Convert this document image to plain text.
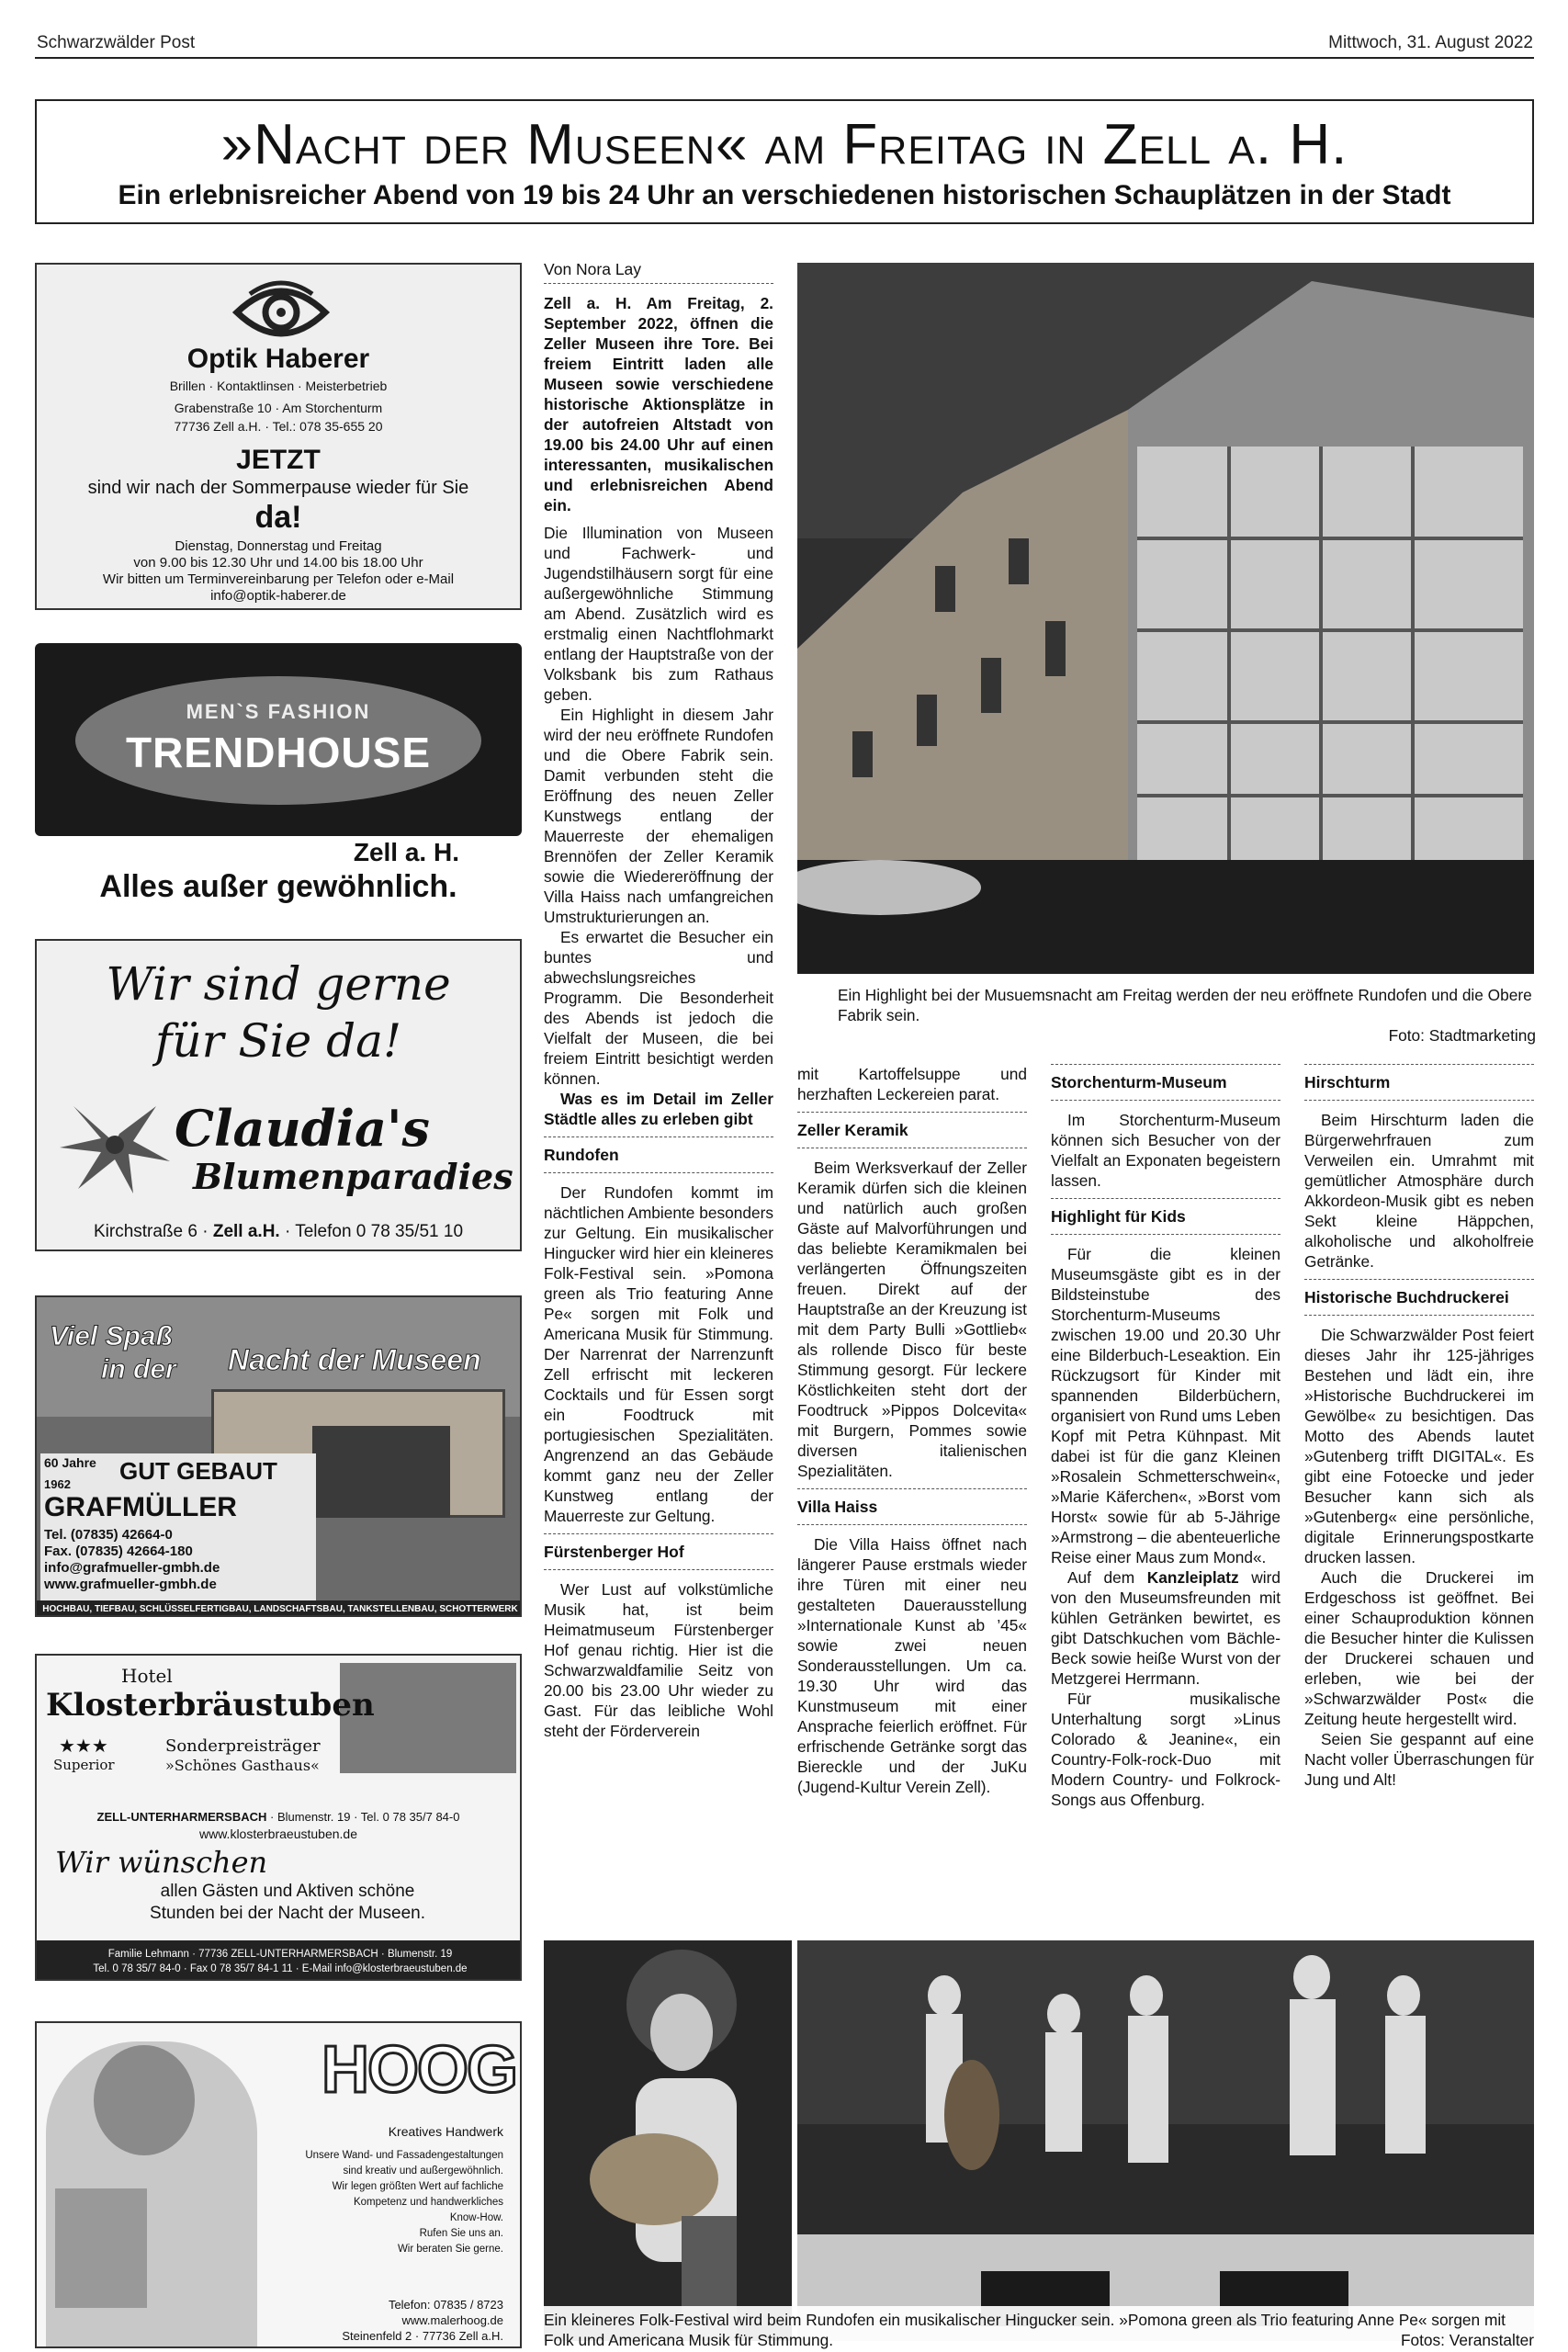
Schwarzwälder Post	Mittwoch, 31. August 2022
»Nacht der Museen« am Freitag in Zell a. H.
Ein erlebnisreicher Abend von 19 bis 24 Uhr an verschiedenen historischen Schauplätzen in der Stadt
Optik Haberer
Brillen · Kontaktlinsen · Meisterbetrieb
Grabenstraße 10 · Am Storchenturm
77736 Zell a.H. · Tel.: 078 35-655 20
JETZT
sind wir nach der Sommerpause wieder für Sie
da!
Dienstag, Donnerstag und Freitag
von 9.00 bis 12.30 Uhr und 14.00 bis 18.00 Uhr
Wir bitten um Terminvereinbarung per Telefon oder e-Mail
info@optik-haberer.de
MEN`S FASHION
TRENDHOUSE
Zell a. H.
Alles außer gewöhnlich.
Wir sind gerne
für Sie da!
Claudia's
Blumenparadies
Kirchstraße 6 · Zell a.H. · Telefon 0 78 35/51 10
Viel Spaß
in der Nacht der Museen
60 Jahre GUT GEBAUT
1962
GRAFMÜLLER
Tel. (07835) 42664-0
Fax. (07835) 42664-180
info@grafmueller-gmbh.de
www.grafmueller-gmbh.de
HOCHBAU, TIEFBAU, SCHLÜSSELFERTIGBAU, LANDSCHAFTSBAU, TANKSTELLENBAU, SCHOTTERWERK
Hotel
Klosterbräustuben
★★★
Superior
Sonderpreisträger
»Schönes Gasthaus«
ZELL-UNTERHARMERSBACH · Blumenstr. 19 · Tel. 0 78 35/7 84-0
www.klosterbraeustuben.de
Wir wünschen
allen Gästen und Aktiven schöne
Stunden bei der Nacht der Museen.
Familie Lehmann · 77736 ZELL-UNTERHARMERSBACH · Blumenstr. 19
Tel. 0 78 35/7 84-0 · Fax 0 78 35/7 84-1 11 · E-Mail info@klosterbraeustuben.de
HOOG
Kreatives Handwerk
Unsere Wand- und Fassadengestaltungen
sind kreativ und außergewöhnlich.
Wir legen größten Wert auf fachliche
Kompetenz und handwerkliches
Know-How.
Rufen Sie uns an.
Wir beraten Sie gerne.
Telefon: 07835 / 8723
www.malerhoog.de
Steinenfeld 2 · 77736 Zell a.H.
Von Nora Lay

Zell a. H. Am Freitag, 2. September 2022, öffnen die Zeller Museen ihre Tore. Bei freiem Eintritt laden alle Museen sowie verschiedene historische Aktionsplätze in der autofreien Altstadt von 19.00 bis 24.00 Uhr auf einen interessanten, musikalischen und erlebnisreichen Abend ein.

Die Illumination von Museen und Fachwerk- und Jugendstilhäusern sorgt für eine außergewöhnliche Stimmung am Abend. Zusätzlich wird es erstmalig einen Nachtflohmarkt entlang der Hauptstraße von der Volksbank bis zum Rathaus geben.

Ein Highlight in diesem Jahr wird der neu eröffnete Rundofen und die Obere Fabrik sein. Damit verbunden steht die Eröffnung des neuen Zeller Kunstwegs entlang der Mauerreste der ehemaligen Brennöfen der Zeller Keramik sowie die Wiedereröffnung der Villa Haiss nach umfangreichen Umstrukturierungen an.

Es erwartet die Besucher ein buntes und abwechslungsreiches Programm. Die Besonderheit des Abends ist jedoch die Vielfalt der Museen, die bei freiem Eintritt besichtigt werden können.

Was es im Detail im Zeller Städtle alles zu erleben gibt

Rundofen

Der Rundofen kommt im nächtlichen Ambiente besonders zur Geltung. Ein musikalischer Hingucker wird hier ein kleineres Folk-Festival sein. »Pomona green als Trio featuring Anne Pe« sorgen mit Folk und Americana Musik für Stimmung. Der Narrenrat der Narrenzunft Zell erfrischt mit leckeren Cocktails und für Essen sorgt ein Foodtruck mit portugiesischen Spezialitäten. Angrenzend an das Gebäude kommt ganz neu der Zeller Kunstweg entlang der Mauerreste zur Geltung.

Fürstenberger Hof

Wer Lust auf volkstümliche Musik hat, ist beim Heimatmuseum Fürstenberger Hof genau richtig. Hier ist die Schwarzwaldfamilie Seitz von 20.00 bis 23.00 Uhr wieder zu Gast. Für das leibliche Wohl steht der Förderverein

Ein Highlight bei der Musuemsnacht am Freitag werden der neu eröffnete Rundofen und die Obere Fabrik sein.
Foto: Stadtmarketing

mit Kartoffelsuppe und herzhaften Leckereien parat.

Zeller Keramik

Beim Werksverkauf der Zeller Keramik dürfen sich die kleinen und natürlich auch großen Gäste auf Malvorführungen und das beliebte Keramikmalen bei verlängerten Öffnungszeiten freuen. Direkt auf der Hauptstraße an der Kreuzung ist mit dem Party Bulli »Gottlieb« als rollende Disco für beste Stimmung gesorgt. Für leckere Köstlichkeiten steht dort der Foodtruck »Pippos Dolcevita« mit Burgern, Pommes sowie diversen italienischen Spezialitäten.

Villa Haiss

Die Villa Haiss öffnet nach längerer Pause erstmals wieder ihre Türen mit einer neu gestalteten Dauerausstellung »Internationale Kunst ab ’45« sowie zwei neuen Sonderausstellungen. Um ca. 19.30 Uhr wird das Kunstmuseum mit einer Ansprache feierlich eröffnet. Für erfrischende Getränke sorgt das Biereckle und der JuKu (Jugend-Kultur Verein Zell).

Storchenturm-Museum

Im Storchenturm-Museum können sich Besucher von der Vielfalt an Exponaten begeistern lassen.

Highlight für Kids

Für die kleinen Museumsgäste gibt es in der Bildsteinstube des Storchenturm-Museums zwischen 19.00 und 20.30 Uhr eine Bilderbuch-Leseaktion. Ein Rückzugsort für Kinder mit spannenden Bilderbüchern, organisiert von Rund ums Leben Kopf mit Petra Kühnpast. Mit dabei ist für die ganz Kleinen »Rosalein Schmetterschwein«, »Marie Käferchen«, »Borst vom Horst« sowie für ab 5-Jährige »Armstrong – die abenteuerliche Reise einer Maus zum Mond«.

Auf dem Kanzleiplatz wird von den Museumsfreunden mit kühlen Getränken bewirtet, es gibt Datschkuchen vom Bächle-Beck sowie heiße Wurst von der Metzgerei Herrmann.

Für musikalische Unterhaltung sorgt »Linus Colorado & Jeanine«, ein Country-Folk-rock-Duo mit Modern Country- und Folkrock-Songs aus Offenburg.

Hirschturm

Beim Hirschturm laden die Bürgerwehrfrauen zum Verweilen ein. Umrahmt mit gemütlicher Atmosphäre durch Akkordeon-Musik gibt es neben Sekt kleine Häppchen, alkoholische und alkoholfreie Getränke.

Historische Buchdruckerei

Die Schwarzwälder Post feiert dieses Jahr ihr 125-jähriges Bestehen und lädt ein, ihre »Historische Buchdruckerei im Gewölbe« zu besichtigen. Das Motto des Abends lautet »Gutenberg trifft DIGITAL«. Es gibt eine Fotoecke und jeder Besucher kann sich als »Gutenberg« eine persönliche, digitale Erinnerungspostkarte drucken lassen.

Auch die Druckerei im Erdgeschoss ist geöffnet. Bei einer Schauproduktion können die Besucher hinter die Kulissen der Druckerei schauen und erleben, wie bei der »Schwarzwälder Post« die Zeitung heute hergestellt wird.

Seien Sie gespannt auf eine Nacht voller Überraschungen für Jung und Alt!

Ein kleineres Folk-Festival wird beim Rundofen ein musikalischer Hingucker sein. »Pomona green als Trio featuring Anne Pe« sorgen mit Folk und Americana Musik für Stimmung.	Fotos: Veranstalter
